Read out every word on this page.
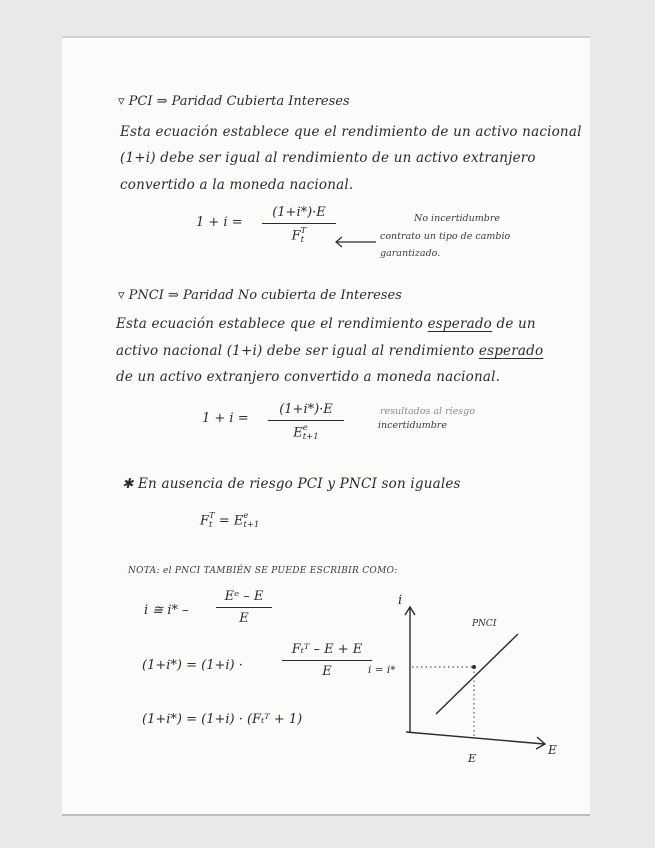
▿ PCI ⇒ Paridad Cubierta Intereses
Esta ecuación establece que el rendimiento de un activo nacional
(1+i) debe ser igual al rendimiento de un activo extranjero
convertido a la moneda nacional.
1 + i =
(1+i*)·E
F T
t
No incertidumbre
contrato un tipo de cambio
garantizado.
▿ PNCI ⇒ Paridad No cubierta de Intereses
Esta ecuación establece que el rendimiento esperado de un
activo nacional (1+i) debe ser igual al rendimiento esperado
de un activo extranjero convertido a moneda nacional.
1 + i =
(1+i*)·E
E e
t+1
resultados al riesgo
incertidumbre
✱ En ausencia de riesgo PCI y PNCI son iguales
F T
t = E e
t+1
NOTA: el PNCI TAMBIÉN SE PUEDE ESCRIBIR COMO:
i ≅ i* –
Eᵉ – E
E
(1+i*) = (1+i) ·
Fₜᵀ – E + E
E
(1+i*) = (1+i) · (Fₜᵀ + 1)
i
E
PNCI
i = i*
E
